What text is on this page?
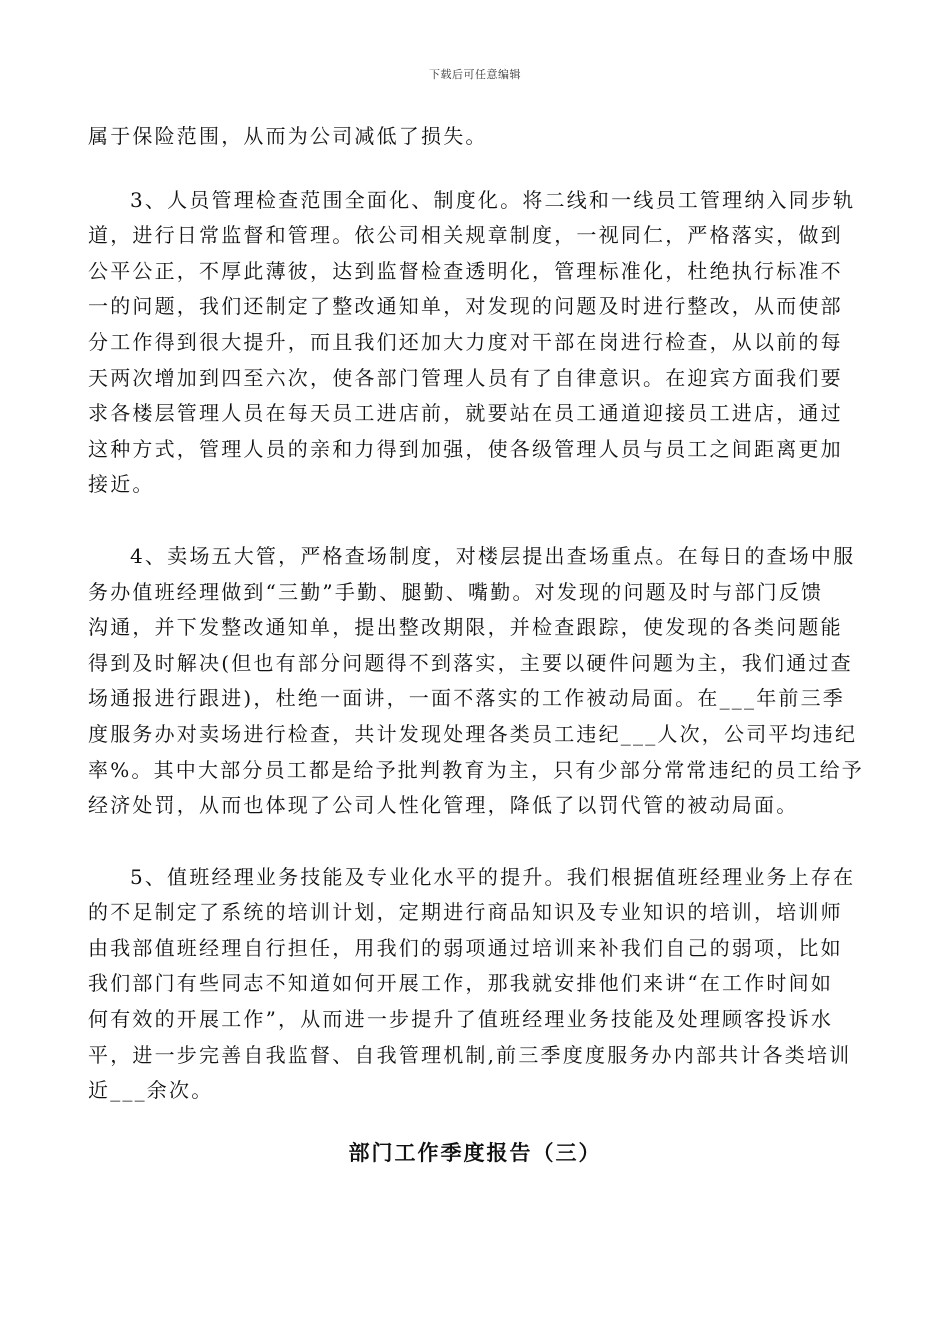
下载后可任意编辑
属于保险范围，从而为公司减低了损失。
3、人员管理检查范围全面化、制度化。将二线和一线员工管理纳入同步轨
道，进行日常监督和管理。依公司相关规章制度，一视同仁，严格落实，做到
公平公正，不厚此薄彼，达到监督检查透明化，管理标准化，杜绝执行标准不
一的问题，我们还制定了整改通知单，对发现的问题及时进行整改，从而使部
分工作得到很大提升，而且我们还加大力度对干部在岗进行检查，从以前的每
天两次增加到四至六次，使各部门管理人员有了自律意识。在迎宾方面我们要
求各楼层管理人员在每天员工进店前，就要站在员工通道迎接员工进店，通过
这种方式，管理人员的亲和力得到加强，使各级管理人员与员工之间距离更加
接近。
4、卖场五大管，严格查场制度，对楼层提出查场重点。在每日的查场中服
务办值班经理做到“三勤”手勤、腿勤、嘴勤。对发现的问题及时与部门反馈
沟通，并下发整改通知单，提出整改期限，并检查跟踪，使发现的各类问题能
得到及时解决(但也有部分问题得不到落实，主要以硬件问题为主，我们通过查
场通报进行跟进)，杜绝一面讲，一面不落实的工作被动局面。在___年前三季
度服务办对卖场进行检查，共计发现处理各类员工违纪___人次，公司平均违纪
率%。其中大部分员工都是给予批判教育为主，只有少部分常常违纪的员工给予
经济处罚，从而也体现了公司人性化管理，降低了以罚代管的被动局面。
5、值班经理业务技能及专业化水平的提升。我们根据值班经理业务上存在
的不足制定了系统的培训计划，定期进行商品知识及专业知识的培训，培训师
由我部值班经理自行担任，用我们的弱项通过培训来补我们自己的弱项，比如
我们部门有些同志不知道如何开展工作，那我就安排他们来讲“在工作时间如
何有效的开展工作”，从而进一步提升了值班经理业务技能及处理顾客投诉水
平，进一步完善自我监督、自我管理机制,前三季度度服务办内部共计各类培训
近___余次。
部门工作季度报告（三）
